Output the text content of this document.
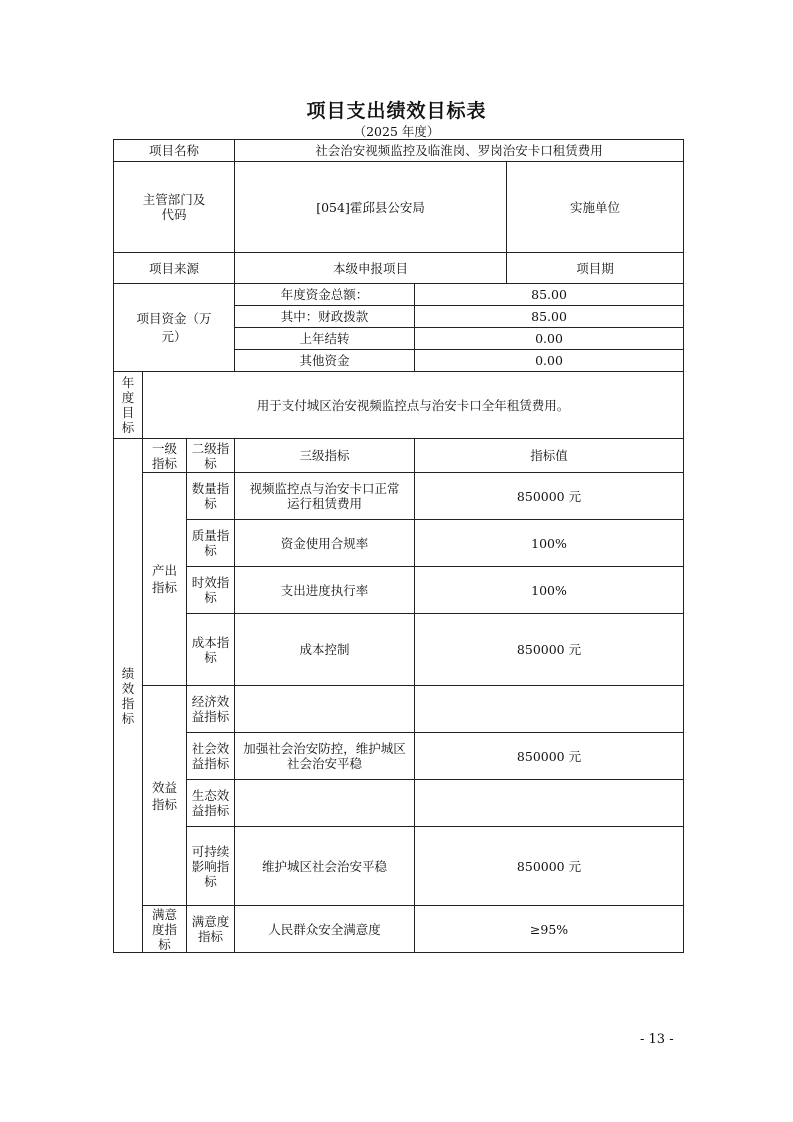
项目支出绩效目标表
（2025 年度）
项目名称			社会治安视频监控及临淮岗、罗岗治安卡口租赁费用			
主管部门及代码			[054]霍邱县公安局		实施单位	
项目来源			本级申报项目		项目期	
项目资金（万元）			年度资金总额：	85.00		
			其中：财政拨款	85.00		
			上年结转	0.00		
			其他资金	0.00		
年度目标	用于支付城区治安视频监控点与治安卡口全年租赁费用。					
绩效指标	一级指标	二级指标	三级指标	指标值		
	产出指标	数量指标	视频监控点与治安卡口正常运行租赁费用	850000 元		
		质量指标	资金使用合规率	100%		
		时效指标	支出进度执行率	100%		
		成本指标	成本控制	850000 元		
	效益指标	经济效益指标				
		社会效益指标	加强社会治安防控，维护城区社会治安平稳	850000 元		
		生态效益指标				
		可持续影响指标	维护城区社会治安平稳	850000 元		
	满意度指标	满意度指标	人民群众安全满意度	≥95%		
- 13 -
